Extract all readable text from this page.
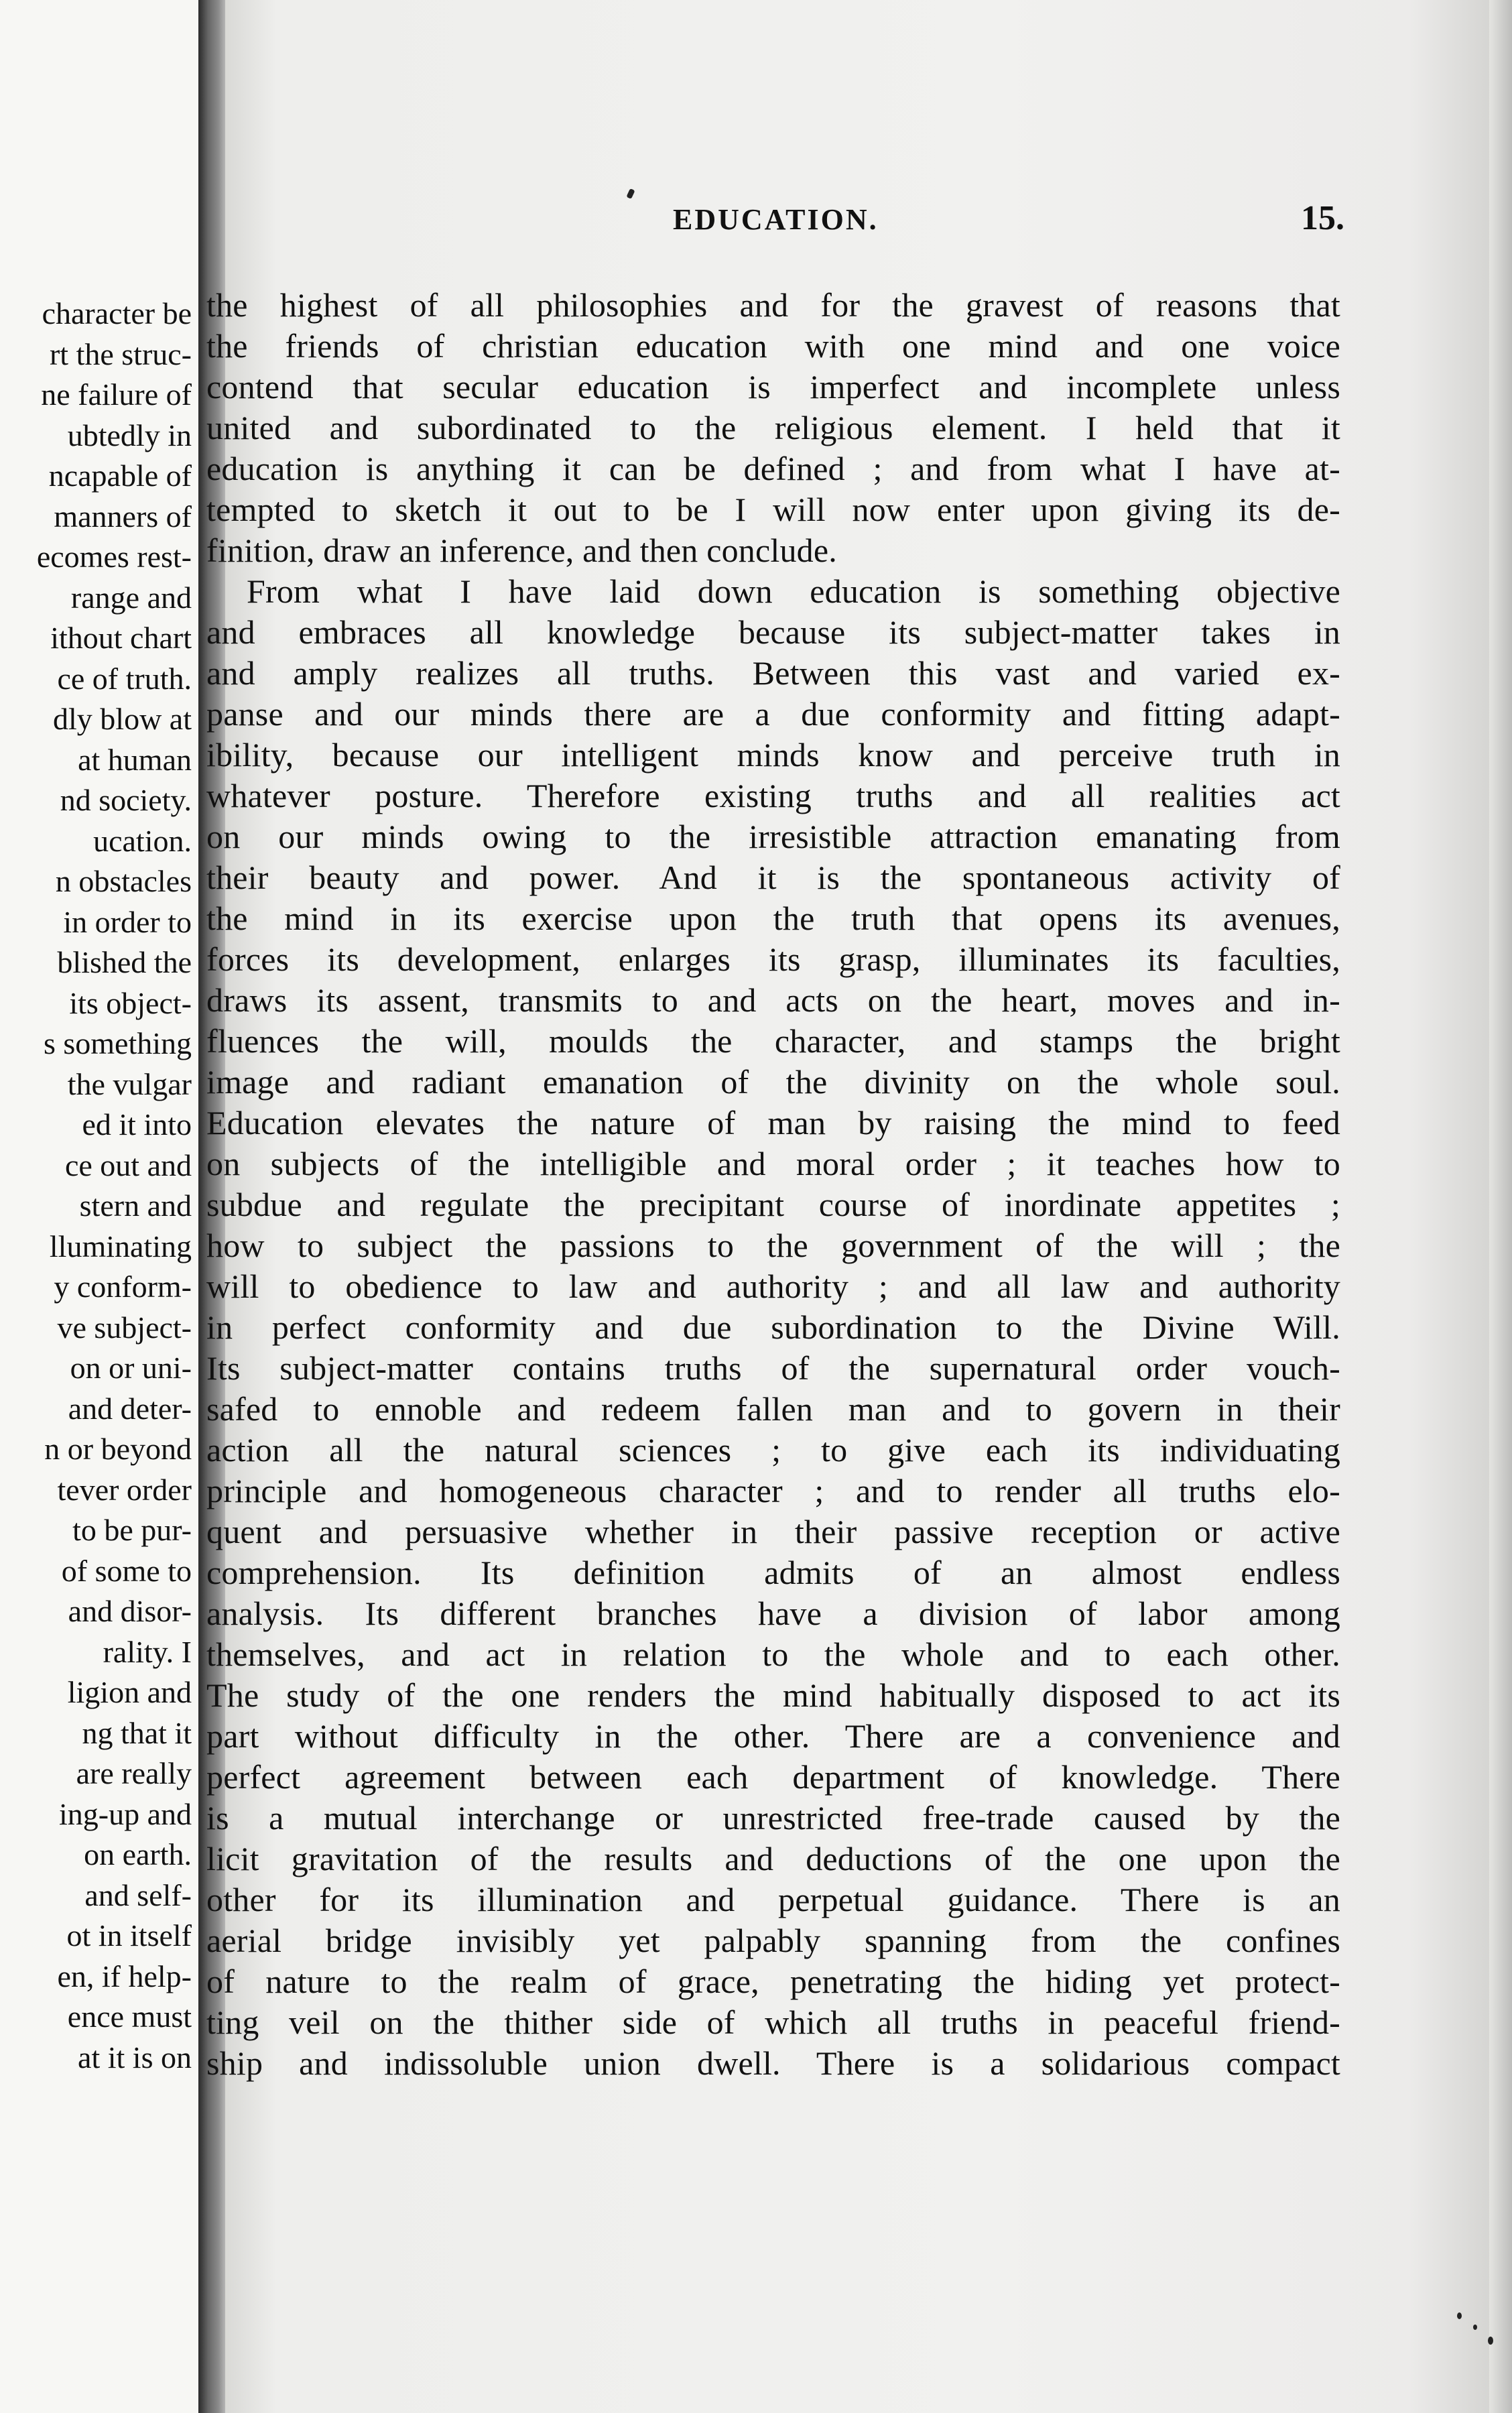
character be
rt the struc-
ne failure of
ubtedly in
ncapable of
manners of
ecomes rest-
range and
ithout chart
ce of truth.
dly blow at
at human
nd society.
ucation.
n obstacles
in order to
blished the
its object-
s something
the vulgar
ed it into
ce out and
stern and
lluminating
y conform-
ve subject-
on or uni-
and deter-
n or beyond
tever order
to be pur-
of some to
and disor-
rality. I
ligion and
ng that it
are really
ing-up and
on earth.
and self-
ot in itself
en, if help-
ence must
at it is on
EDUCATION.	15.
the highest of all philosophies and for the gravest of reasons that
the friends of christian education with one mind and one voice
contend that secular education is imperfect and incomplete unless
united and subordinated to the religious element. I held that it
education is anything it can be defined ; and from what I have at-
tempted to sketch it out to be I will now enter upon giving its de-
finition, draw an inference, and then conclude.
From what I have laid down education is something objective
and embraces all knowledge because its subject-matter takes in
and amply realizes all truths. Between this vast and varied ex-
panse and our minds there are a due conformity and fitting adapt-
ibility, because our intelligent minds know and perceive truth in
whatever posture. Therefore existing truths and all realities act
on our minds owing to the irresistible attraction emanating from
their beauty and power. And it is the spontaneous activity of
the mind in its exercise upon the truth that opens its avenues,
forces its development, enlarges its grasp, illuminates its faculties,
draws its assent, transmits to and acts on the heart, moves and in-
fluences the will, moulds the character, and stamps the bright
image and radiant emanation of the divinity on the whole soul.
Education elevates the nature of man by raising the mind to feed
on subjects of the intelligible and moral order ; it teaches how to
subdue and regulate the precipitant course of inordinate appetites ;
how to subject the passions to the government of the will ; the
will to obedience to law and authority ; and all law and authority
in perfect conformity and due subordination to the Divine Will.
Its subject-matter contains truths of the supernatural order vouch-
safed to ennoble and redeem fallen man and to govern in their
action all the natural sciences ; to give each its individuating
principle and homogeneous character ; and to render all truths elo-
quent and persuasive whether in their passive reception or active
comprehension. Its definition admits of an almost endless
analysis. Its different branches have a division of labor among
themselves, and act in relation to the whole and to each other.
The study of the one renders the mind habitually disposed to act its
part without difficulty in the other. There are a convenience and
perfect agreement between each department of knowledge. There
is a mutual interchange or unrestricted free-trade caused by the
licit gravitation of the results and deductions of the one upon the
other for its illumination and perpetual guidance. There is an
aerial bridge invisibly yet palpably spanning from the confines
of nature to the realm of grace, penetrating the hiding yet protect-
ting veil on the thither side of which all truths in peaceful friend-
ship and indissoluble union dwell. There is a solidarious compact
